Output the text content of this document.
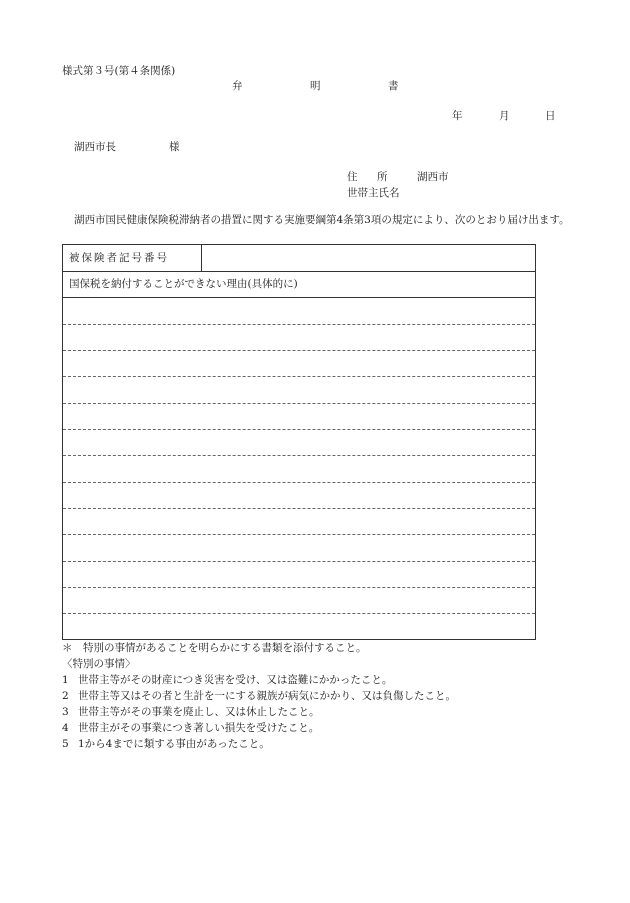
様式第３号(第４条関係)
弁	明	書
年	月	日
湖西市長	様
住 所	湖西市
世帯主氏名
湖西市国民健康保険税滞納者の措置に関する実施要綱第4条第3項の規定により、次のとおり届け出ます。
被保険者記号番号
国保税を納付することができない理由(具体的に)
＊　特別の事情があることを明らかにする書類を添付すること。
〈特別の事情〉
1 世帯主等がその財産につき災害を受け、又は盗難にかかったこと。
2 世帯主等又はその者と生計を一にする親族が病気にかかり、又は負傷したこと。
3 世帯主等がその事業を廃止し、又は休止したこと。
4 世帯主がその事業につき著しい損失を受けたこと。
5 1から4までに類する事由があったこと。
